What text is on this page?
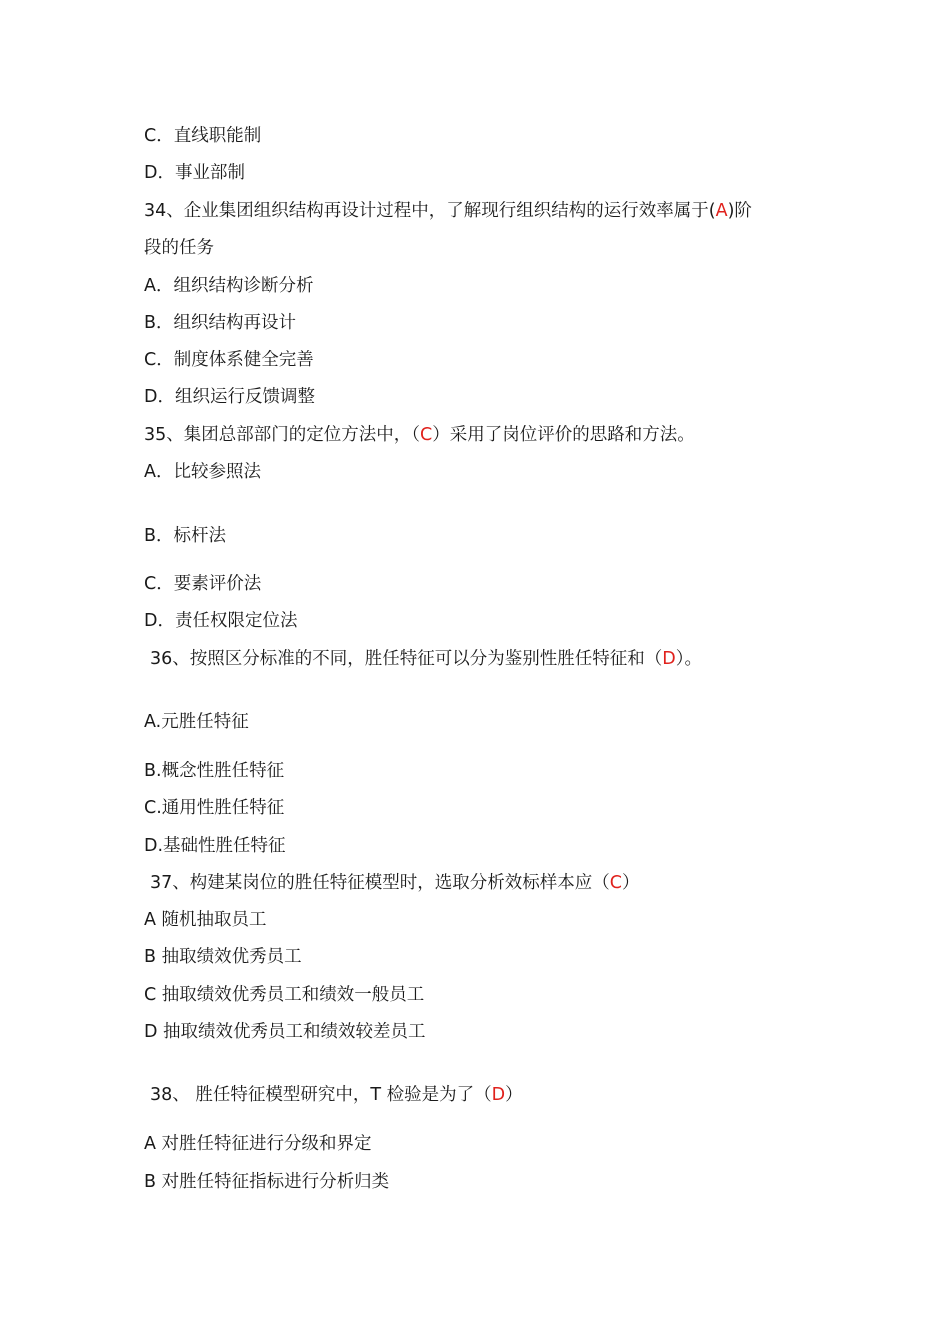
C．直线职能制
D．事业部制
34、企业集团组织结构再设计过程中，了解现行组织结构的运行效率属于(A)阶
段的任务
A．组织结构诊断分析
B．组织结构再设计
C．制度体系健全完善
D．组织运行反馈调整
35、集团总部部门的定位方法中，（C）采用了岗位评价的思路和方法。
A．比较参照法
B．标杆法
C．要素评价法
D．责任权限定位法
36、按照区分标准的不同，胜任特征可以分为鉴别性胜任特征和（D）。
A.元胜任特征
B.概念性胜任特征
C.通用性胜任特征
D.基础性胜任特征
37、构建某岗位的胜任特征模型时，选取分析效标样本应（C）
A 随机抽取员工
B 抽取绩效优秀员工
C 抽取绩效优秀员工和绩效一般员工
D 抽取绩效优秀员工和绩效较差员工
38、 胜任特征模型研究中，T 检验是为了（D）
A 对胜任特征进行分级和界定
B 对胜任特征指标进行分析归类
